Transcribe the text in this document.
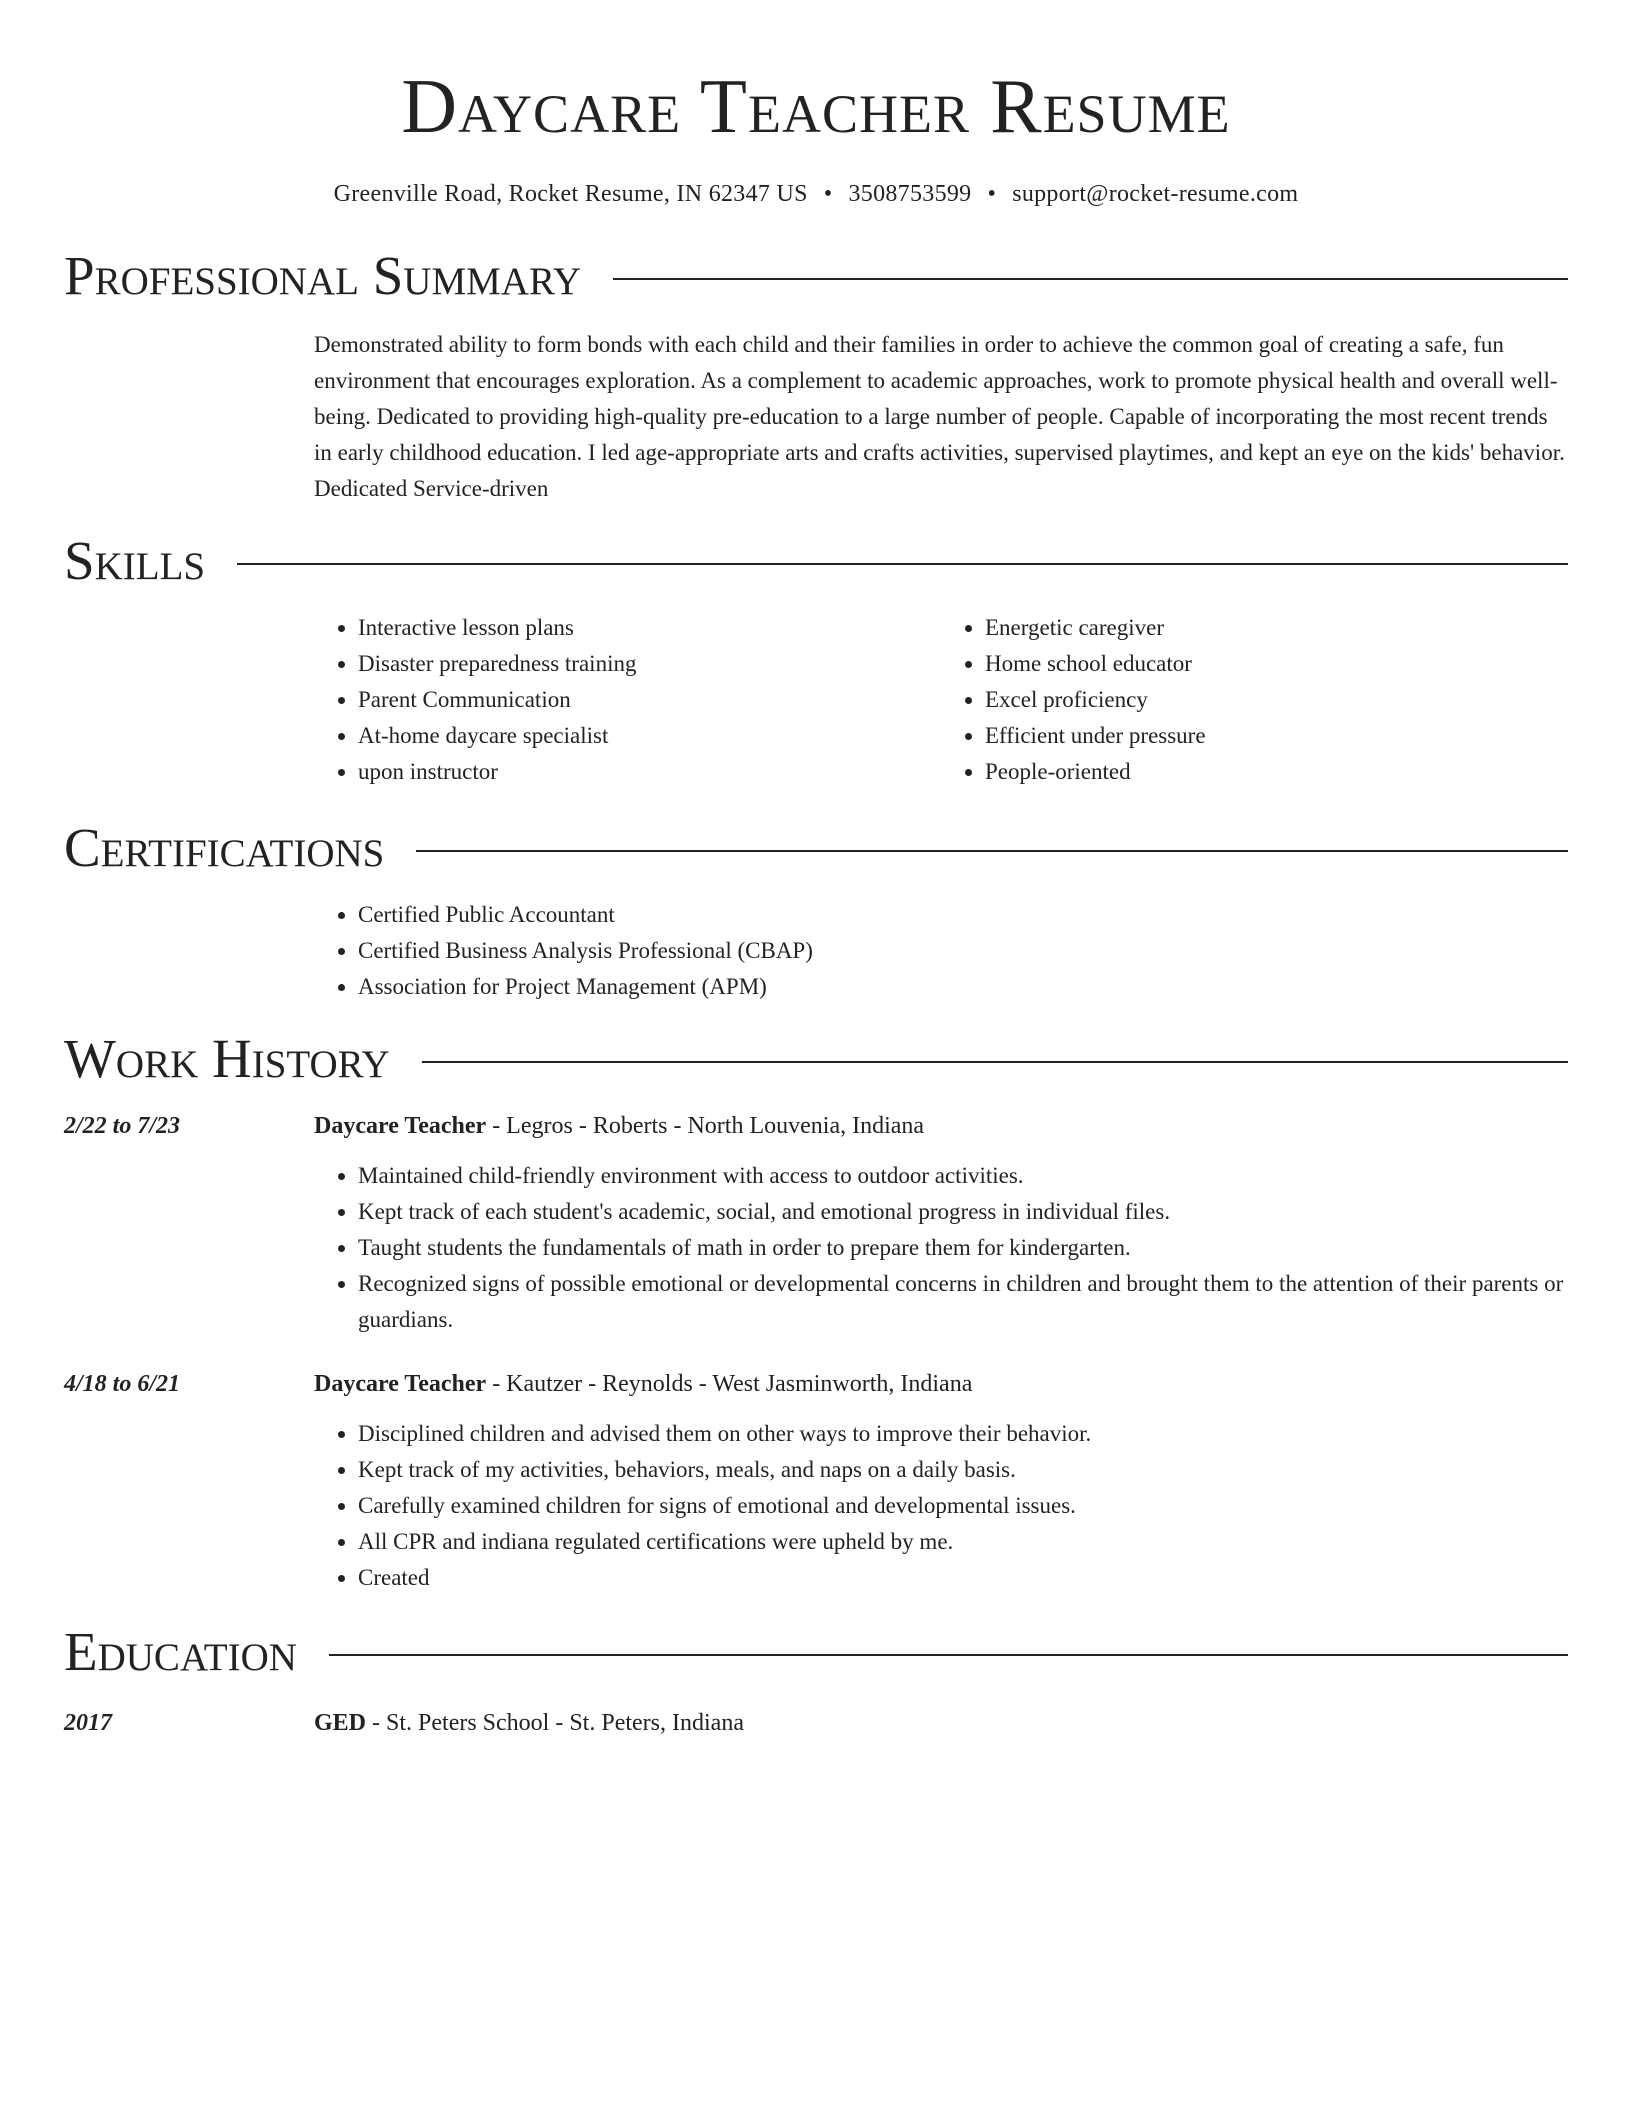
Daycare Teacher Resume
Greenville Road, Rocket Resume, IN 62347 US • 3508753599 • support@rocket-resume.com
Professional Summary
Demonstrated ability to form bonds with each child and their families in order to achieve the common goal of creating a safe, fun environment that encourages exploration. As a complement to academic approaches, work to promote physical health and overall well-being. Dedicated to providing high-quality pre-education to a large number of people. Capable of incorporating the most recent trends in early childhood education. I led age-appropriate arts and crafts activities, supervised playtimes, and kept an eye on the kids' behavior. Dedicated Service-driven
Skills
• Interactive lesson plans
• Disaster preparedness training
• Parent Communication
• At-home daycare specialist
• upon instructor
• Energetic caregiver
• Home school educator
• Excel proficiency
• Efficient under pressure
• People-oriented
Certifications
• Certified Public Accountant
• Certified Business Analysis Professional (CBAP)
• Association for Project Management (APM)
Work History
2/22 to 7/23	Daycare Teacher - Legros - Roberts - North Louvenia, Indiana
• Maintained child-friendly environment with access to outdoor activities.
• Kept track of each student's academic, social, and emotional progress in individual files.
• Taught students the fundamentals of math in order to prepare them for kindergarten.
• Recognized signs of possible emotional or developmental concerns in children and brought them to the attention of their parents or guardians.
4/18 to 6/21	Daycare Teacher - Kautzer - Reynolds - West Jasminworth, Indiana
• Disciplined children and advised them on other ways to improve their behavior.
• Kept track of my activities, behaviors, meals, and naps on a daily basis.
• Carefully examined children for signs of emotional and developmental issues.
• All CPR and indiana regulated certifications were upheld by me.
• Created
Education
2017	GED - St. Peters School - St. Peters, Indiana
